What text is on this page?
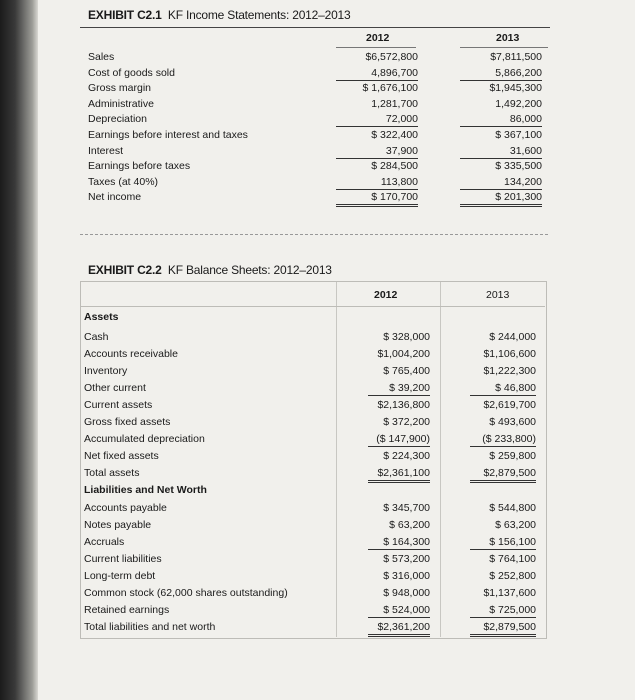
EXHIBIT C2.1 KF Income Statements: 2012–2013
2012	2013
Sales	$6,572,800	$7,811,500
Cost of goods sold	4,896,700	5,866,200
Gross margin	$ 1,676,100	$1,945,300
Administrative	1,281,700	1,492,200
Depreciation	72,000	86,000
Earnings before interest and taxes	$ 322,400	$ 367,100
Interest	37,900	31,600
Earnings before taxes	$ 284,500	$ 335,500
Taxes (at 40%)	113,800	134,200
Net income	$ 170,700	$ 201,300
EXHIBIT C2.2 KF Balance Sheets: 2012–2013
2012	2013
Assets
Cash	$ 328,000	$ 244,000
Accounts receivable	$1,004,200	$1,106,600
Inventory	$ 765,400	$1,222,300
Other current	$ 39,200	$ 46,800
Current assets	$2,136,800	$2,619,700
Gross fixed assets	$ 372,200	$ 493,600
Accumulated depreciation	($ 147,900)	($ 233,800)
Net fixed assets	$ 224,300	$ 259,800
Total assets	$2,361,100	$2,879,500
Liabilities and Net Worth
Accounts payable	$ 345,700	$ 544,800
Notes payable	$ 63,200	$ 63,200
Accruals	$ 164,300	$ 156,100
Current liabilities	$ 573,200	$ 764,100
Long-term debt	$ 316,000	$ 252,800
Common stock (62,000 shares outstanding)	$ 948,000	$1,137,600
Retained earnings	$ 524,000	$ 725,000
Total liabilities and net worth	$2,361,200	$2,879,500
